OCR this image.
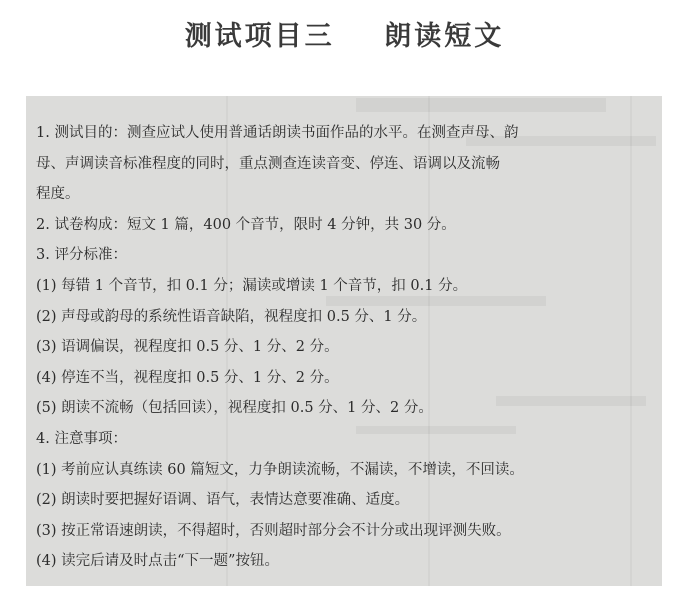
测试项目三    朗读短文
1. 测试目的：测查应试人使用普通话朗读书面作品的水平。在测查声母、韵
母、声调读音标准程度的同时，重点测查连读音变、停连、语调以及流畅
程度。
2. 试卷构成：短文 1 篇，400 个音节，限时 4 分钟，共 30 分。
3. 评分标准：
(1) 每错 1 个音节，扣 0.1 分；漏读或增读 1 个音节，扣 0.1 分。
(2) 声母或韵母的系统性语音缺陷，视程度扣 0.5 分、1 分。
(3) 语调偏误，视程度扣 0.5 分、1 分、2 分。
(4) 停连不当，视程度扣 0.5 分、1 分、2 分。
(5) 朗读不流畅（包括回读），视程度扣 0.5 分、1 分、2 分。
4. 注意事项：
(1) 考前应认真练读 60 篇短文，力争朗读流畅，不漏读，不增读，不回读。
(2) 朗读时要把握好语调、语气，表情达意要准确、适度。
(3) 按正常语速朗读，不得超时，否则超时部分会不计分或出现评测失败。
(4) 读完后请及时点击“下一题”按钮。
